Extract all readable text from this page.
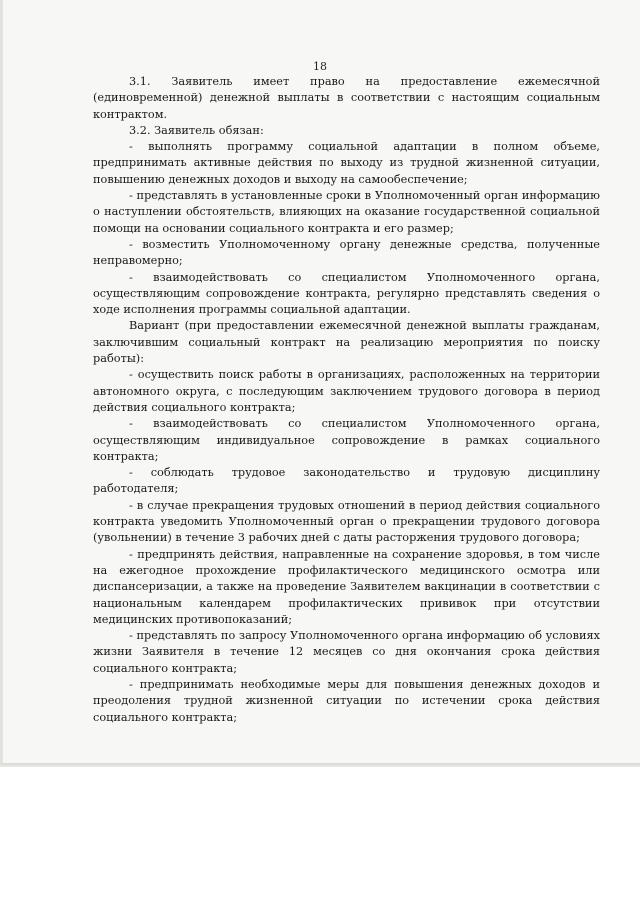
18

3.1. Заявитель имеет право на предоставление ежемесячной (единовременной) денежной выплаты в соответствии с настоящим социальным контрактом.

3.2. Заявитель обязан:

- выполнять программу социальной адаптации в полном объеме, предпринимать активные действия по выходу из трудной жизненной ситуации, повышению денежных доходов и выходу на самообеспечение;

- представлять в установленные сроки в Уполномоченный орган информацию о наступлении обстоятельств, влияющих на оказание государственной социальной помощи на основании социального контракта и его размер;

- возместить Уполномоченному органу денежные средства, полученные неправомерно;

- взаимодействовать со специалистом Уполномоченного органа, осуществляющим сопровождение контракта, регулярно представлять сведения о ходе исполнения программы социальной адаптации.

Вариант (при предоставлении ежемесячной денежной выплаты гражданам, заключившим социальный контракт на реализацию мероприятия по поиску работы):

- осуществить поиск работы в организациях, расположенных на территории автономного округа, с последующим заключением трудового договора в период действия социального контракта;

- взаимодействовать со специалистом Уполномоченного органа, осуществляющим индивидуальное сопровождение в рамках социального контракта;

- соблюдать трудовое законодательство и трудовую дисциплину работодателя;

- в случае прекращения трудовых отношений в период действия социального контракта уведомить Уполномоченный орган о прекращении трудового договора (увольнении) в течение 3 рабочих дней с даты расторжения трудового договора;

- предпринять действия, направленные на сохранение здоровья, в том числе на ежегодное прохождение профилактического медицинского осмотра или диспансеризации, а также на проведение Заявителем вакцинации в соответствии с национальным календарем профилактических прививок при отсутствии медицинских противопоказаний;

- представлять по запросу Уполномоченного органа информацию об условиях жизни Заявителя в течение 12 месяцев со дня окончания срока действия социального контракта;

- предпринимать необходимые меры для повышения денежных доходов и преодоления трудной жизненной ситуации по истечении срока действия социального контракта;
